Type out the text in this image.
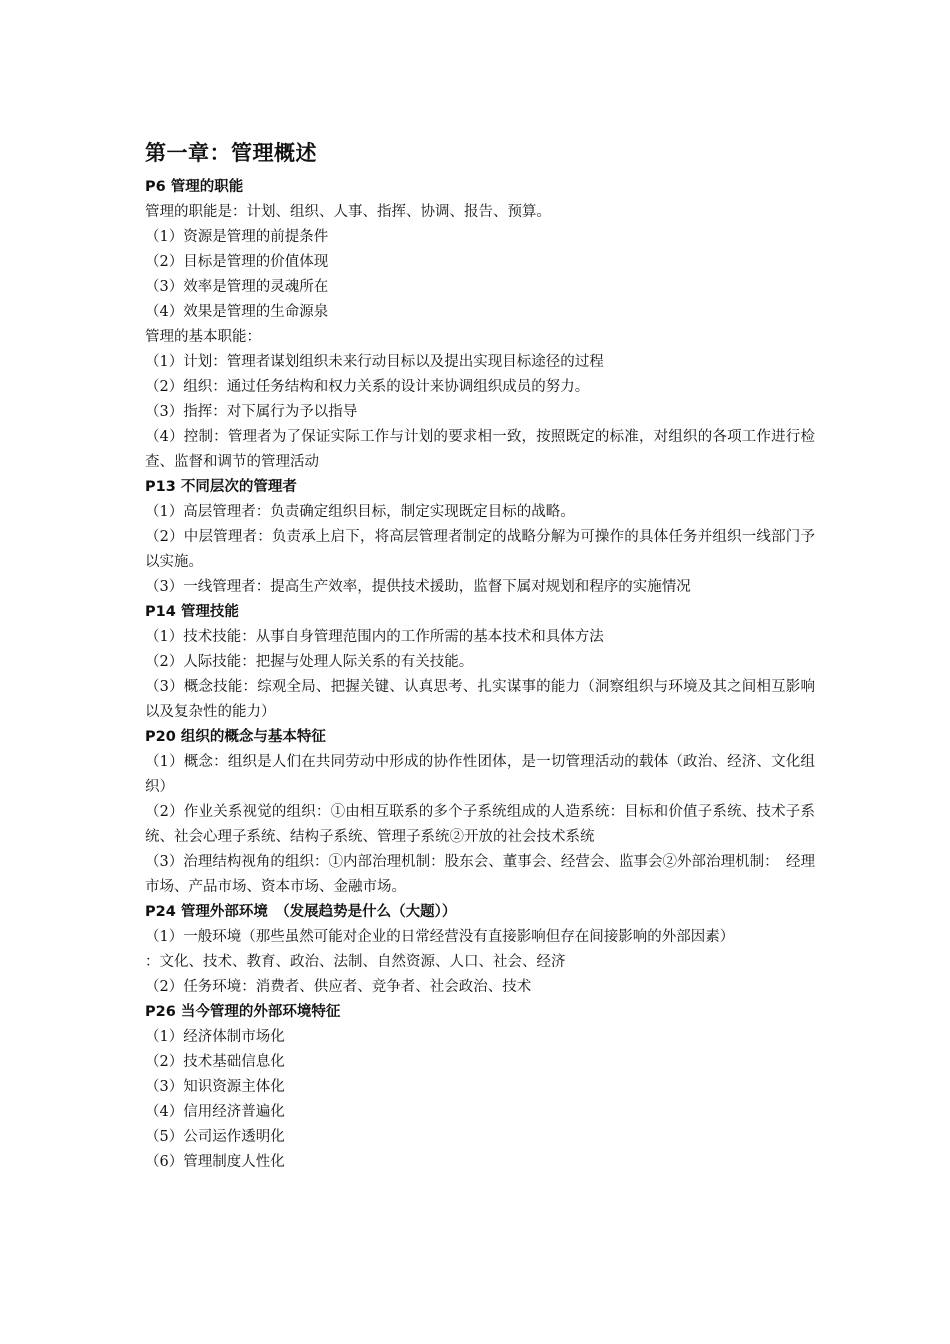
第一章：管理概述

P6 管理的职能

管理的职能是：计划、组织、人事、指挥、协调、报告、预算。

（1）资源是管理的前提条件

（2）目标是管理的价值体现

（3）效率是管理的灵魂所在

（4）效果是管理的生命源泉

管理的基本职能：

（1）计划：管理者谋划组织未来行动目标以及提出实现目标途径的过程

（2）组织：通过任务结构和权力关系的设计来协调组织成员的努力。

（3）指挥：对下属行为予以指导

（4）控制：管理者为了保证实际工作与计划的要求相一致，按照既定的标准，对组织的各项工作进行检查、监督和调节的管理活动

P13 不同层次的管理者

（1）高层管理者：负责确定组织目标，制定实现既定目标的战略。

（2）中层管理者：负责承上启下，将高层管理者制定的战略分解为可操作的具体任务并组织一线部门予以实施。

（3）一线管理者：提高生产效率，提供技术援助，监督下属对规划和程序的实施情况

P14 管理技能

（1）技术技能：从事自身管理范围内的工作所需的基本技术和具体方法

（2）人际技能：把握与处理人际关系的有关技能。

（3）概念技能：综观全局、把握关键、认真思考、扎实谋事的能力（洞察组织与环境及其之间相互影响以及复杂性的能力）

P20 组织的概念与基本特征

（1）概念：组织是人们在共同劳动中形成的协作性团体，是一切管理活动的载体（政治、经济、文化组织）

（2）作业关系视觉的组织：①由相互联系的多个子系统组成的人造系统：目标和价值子系统、技术子系统、社会心理子系统、结构子系统、管理子系统②开放的社会技术系统

（3）治理结构视角的组织：①内部治理机制：股东会、董事会、经营会、监事会②外部治理机制：　经理市场、产品市场、资本市场、金融市场。

P24 管理外部环境　（发展趋势是什么（大题））

（1）一般环境（那些虽然可能对企业的日常经营没有直接影响但存在间接影响的外部因素）

：文化、技术、教育、政治、法制、自然资源、人口、社会、经济

（2）任务环境：消费者、供应者、竞争者、社会政治、技术

P26 当今管理的外部环境特征

（1）经济体制市场化

（2）技术基础信息化

（3）知识资源主体化

（4）信用经济普遍化

（5）公司运作透明化

（6）管理制度人性化
